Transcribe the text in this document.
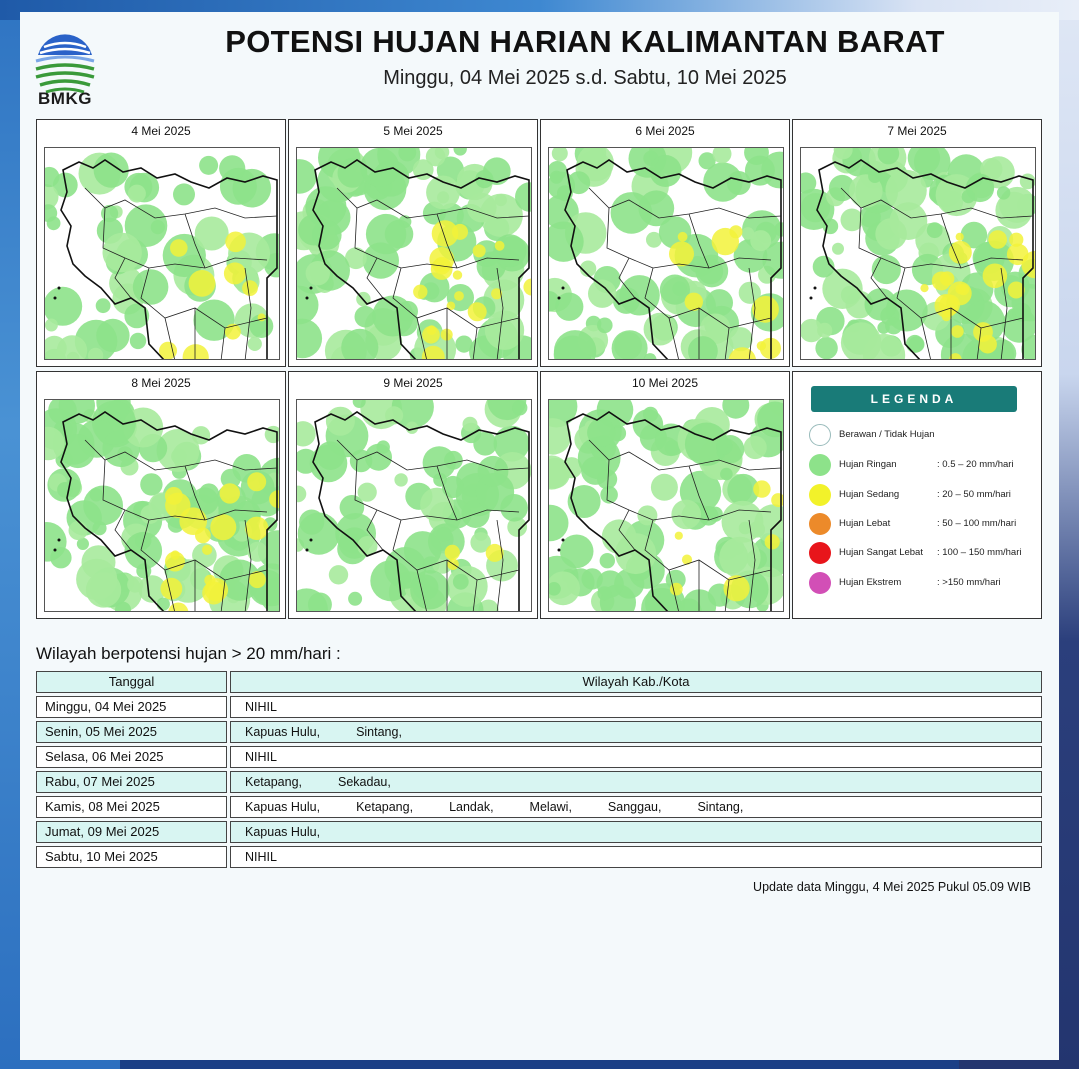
BMKG
POTENSI HUJAN HARIAN KALIMANTAN BARAT
Minggu, 04 Mei 2025 s.d. Sabtu, 10 Mei 2025
4 Mei 2025	5 Mei 2025	6 Mei 2025	7 Mei 2025
8 Mei 2025	9 Mei 2025	10 Mei 2025
LEGENDA
Berawan / Tidak Hujan
Hujan Ringan	: 0.5 – 20 mm/hari
Hujan Sedang	: 20 – 50 mm/hari
Hujan Lebat	: 50 – 100 mm/hari
Hujan Sangat Lebat : 100 – 150 mm/hari
Hujan Ekstrem	: >150 mm/hari
Wilayah berpotensi hujan > 20 mm/hari :
Tanggal	Wilayah Kab./Kota
Minggu, 04 Mei 2025	NIHIL
Senin, 05 Mei 2025	Kapuas Hulu,	Sintang,
Selasa, 06 Mei 2025	NIHIL
Rabu, 07 Mei 2025	Ketapang,	Sekadau,
Kamis, 08 Mei 2025	Kapuas Hulu,	Ketapang,	Landak,	Melawi,	Sanggau,	Sintang,
Jumat, 09 Mei 2025	Kapuas Hulu,
Sabtu, 10 Mei 2025	NIHIL
Update data Minggu, 4 Mei 2025 Pukul 05.09 WIB
